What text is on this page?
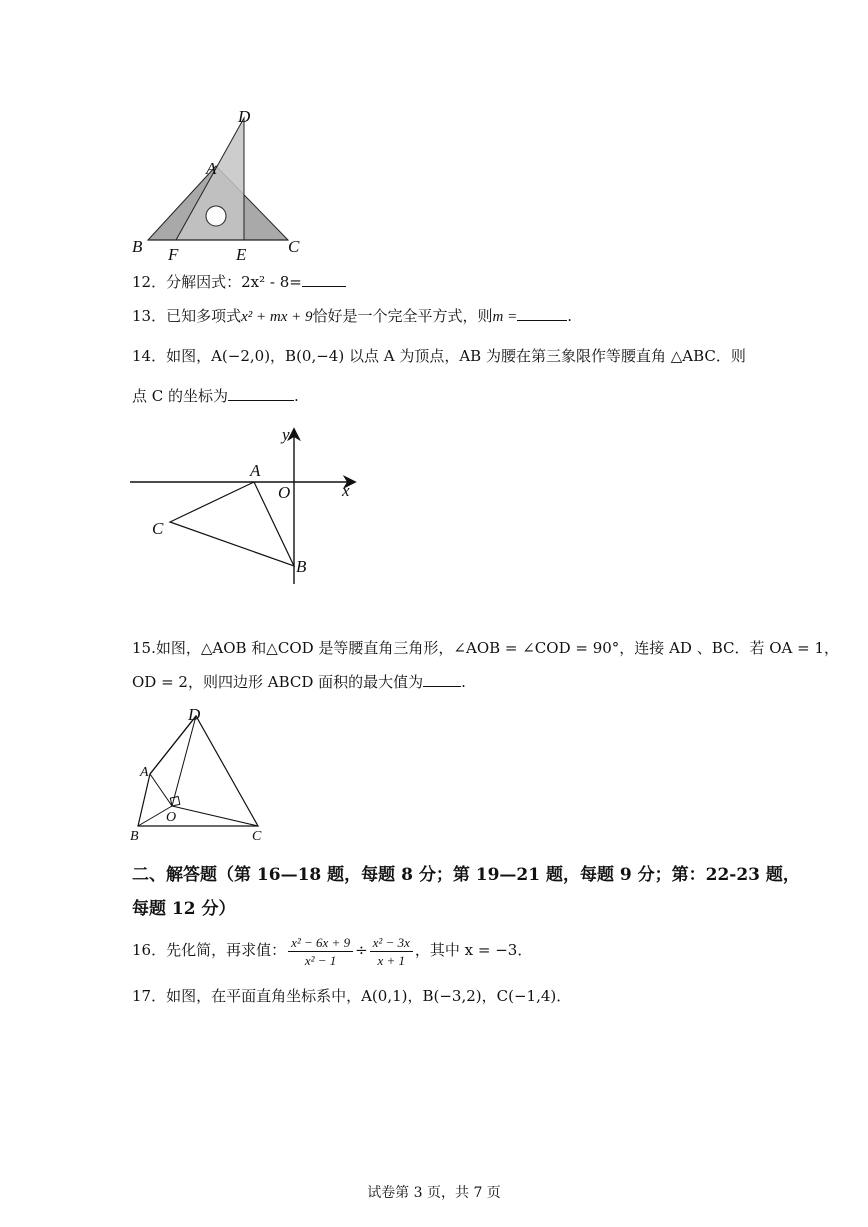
D
A
B F	E C
12．分解因式：2x² - 8=
13．已知多项式x² + mx + 9恰好是一个完全平方式，则m =	.
14．如图，A(−2,0)，B(0,−4) 以点 A 为顶点，AB 为腰在第三象限作等腰直角 △ABC．则
点 C 的坐标为	.
y
A
O	x
C
B
15.如图，△AOB 和△COD 是等腰直角三角形，∠AOB = ∠COD = 90°，连接 AD 、BC．若 OA = 1，
OD = 2，则四边形 ABCD 面积的最大值为	.
D
A
O
B	C
二、解答题（第 16—18 题，每题 8 分；第 19—21 题，每题 9 分；第：22-23 题，
每题 12 分）
16．先化简，再求值： $\frac{\text{x² − 6x + 9}}{\text{x² − 1}} \div \frac{\text{x² − 3x}}{x + 1}$ ，其中 x = −3．
17．如图，在平面直角坐标系中，A(0,1)，B(−3,2)，C(−1,4)．
试卷第 3 页，共 7 页
